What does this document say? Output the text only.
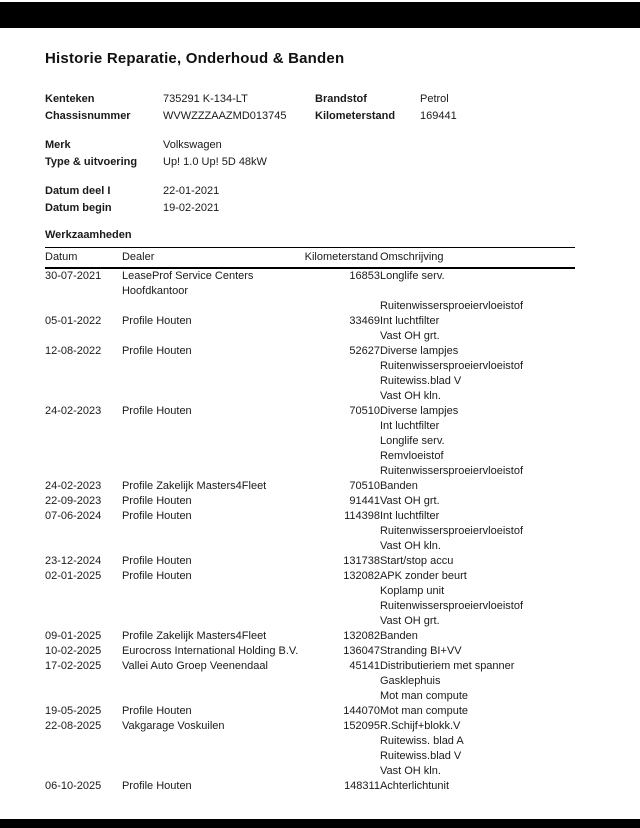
Historie Reparatie, Onderhoud & Banden
Kenteken	735291 K-134-LT	Brandstof	Petrol
Chassisnummer	WVWZZZAAZMD013745	Kilometerstand	169441
Merk	Volkswagen
Type & uitvoering	Up! 1.0 Up! 5D 48kW
Datum deel I	22-01-2021
Datum begin	19-02-2021
Werkzaamheden
Datum	Dealer	Kilometerstand	Omschrijving
30-07-2021	LeaseProf Service Centers Hoofdkantoor	16853	Longlife serv.

Ruitenwissersproeiervloeistof

05-01-2022	Profile Houten	33469	Int luchtfilter
Vast OH grt.

12-08-2022	Profile Houten	52627	Diverse lampjes
Ruitenwissersproeiervloeistof
Ruitewiss.blad V
Vast OH kln.

24-02-2023	Profile Houten	70510	Diverse lampjes
Int luchtfilter
Longlife serv.
Remvloeistof
Ruitenwissersproeiervloeistof

24-02-2023	Profile Zakelijk Masters4Fleet	70510	Banden

22-09-2023	Profile Houten	91441	Vast OH grt.

07-06-2024	Profile Houten	114398	Int luchtfilter
Ruitenwissersproeiervloeistof
Vast OH kln.

23-12-2024	Profile Houten	131738	Start/stop accu

02-01-2025	Profile Houten	132082	APK zonder beurt
Koplamp unit
Ruitenwissersproeiervloeistof
Vast OH grt.

09-01-2025	Profile Zakelijk Masters4Fleet	132082	Banden

10-02-2025	Eurocross International Holding B.V.	136047	Stranding BI+VV

17-02-2025	Vallei Auto Groep Veenendaal	45141	Distributieriem met spanner
Gasklephuis
Mot man compute

19-05-2025	Profile Houten	144070	Mot man compute

22-08-2025	Vakgarage Voskuilen	152095	R.Schijf+blokk.V
Ruitewiss. blad A
Ruitewiss.blad V
Vast OH kln.

06-10-2025	Profile Houten	148311	Achterlichtunit
